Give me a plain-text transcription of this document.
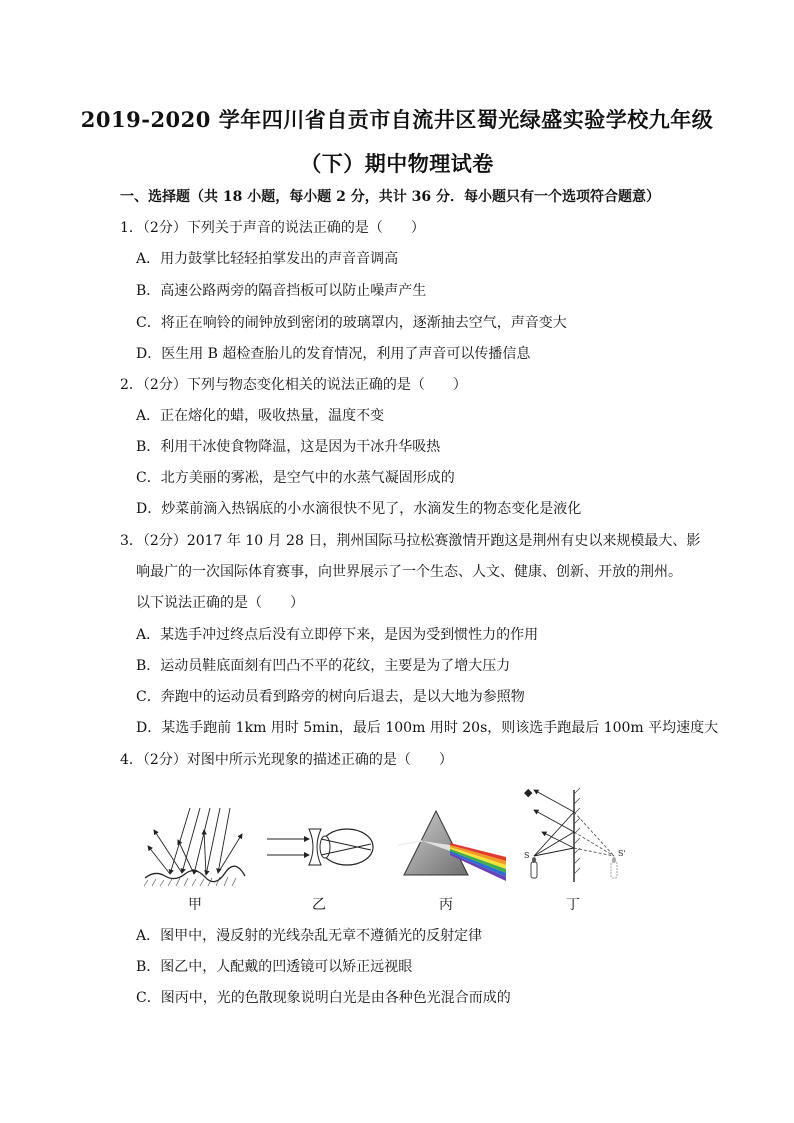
2019-2020 学年四川省自贡市自流井区蜀光绿盛实验学校九年级
（下）期中物理试卷
一、选择题（共 18 小题，每小题 2 分，共计 36 分．每小题只有一个选项符合题意）
1．（2分）下列关于声音的说法正确的是（　　）
A．用力鼓掌比轻轻拍掌发出的声音音调高
B．高速公路两旁的隔音挡板可以防止噪声产生
C．将正在响铃的闹钟放到密闭的玻璃罩内，逐渐抽去空气，声音变大
D．医生用 B 超检查胎儿的发育情况，利用了声音可以传播信息
2．（2分）下列与物态变化相关的说法正确的是（　　）
A．正在熔化的蜡，吸收热量，温度不变
B．利用干冰使食物降温，这是因为干冰升华吸热
C．北方美丽的雾凇，是空气中的水蒸气凝固形成的
D．炒菜前滴入热锅底的小水滴很快不见了，水滴发生的物态变化是液化
3．（2分）2017 年 10 月 28 日，荆州国际马拉松赛激情开跑这是荆州有史以来规模最大、影
响最广的一次国际体育赛事，向世界展示了一个生态、人文、健康、创新、开放的荆州。
以下说法正确的是（　　）
A．某选手冲过终点后没有立即停下来，是因为受到惯性力的作用
B．运动员鞋底面刻有凹凸不平的花纹，主要是为了增大压力
C．奔跑中的运动员看到路旁的树向后退去，是以大地为参照物
D．某选手跑前 1km 用时 5min，最后 100m 用时 20s，则该选手跑最后 100m 平均速度大
4．（2分）对图中所示光现象的描述正确的是（　　）
甲	乙	丙
◆
S	S'
丁
A．图甲中，漫反射的光线杂乱无章不遵循光的反射定律
B．图乙中，人配戴的凹透镜可以矫正远视眼
C．图丙中，光的色散现象说明白光是由各种色光混合而成的
